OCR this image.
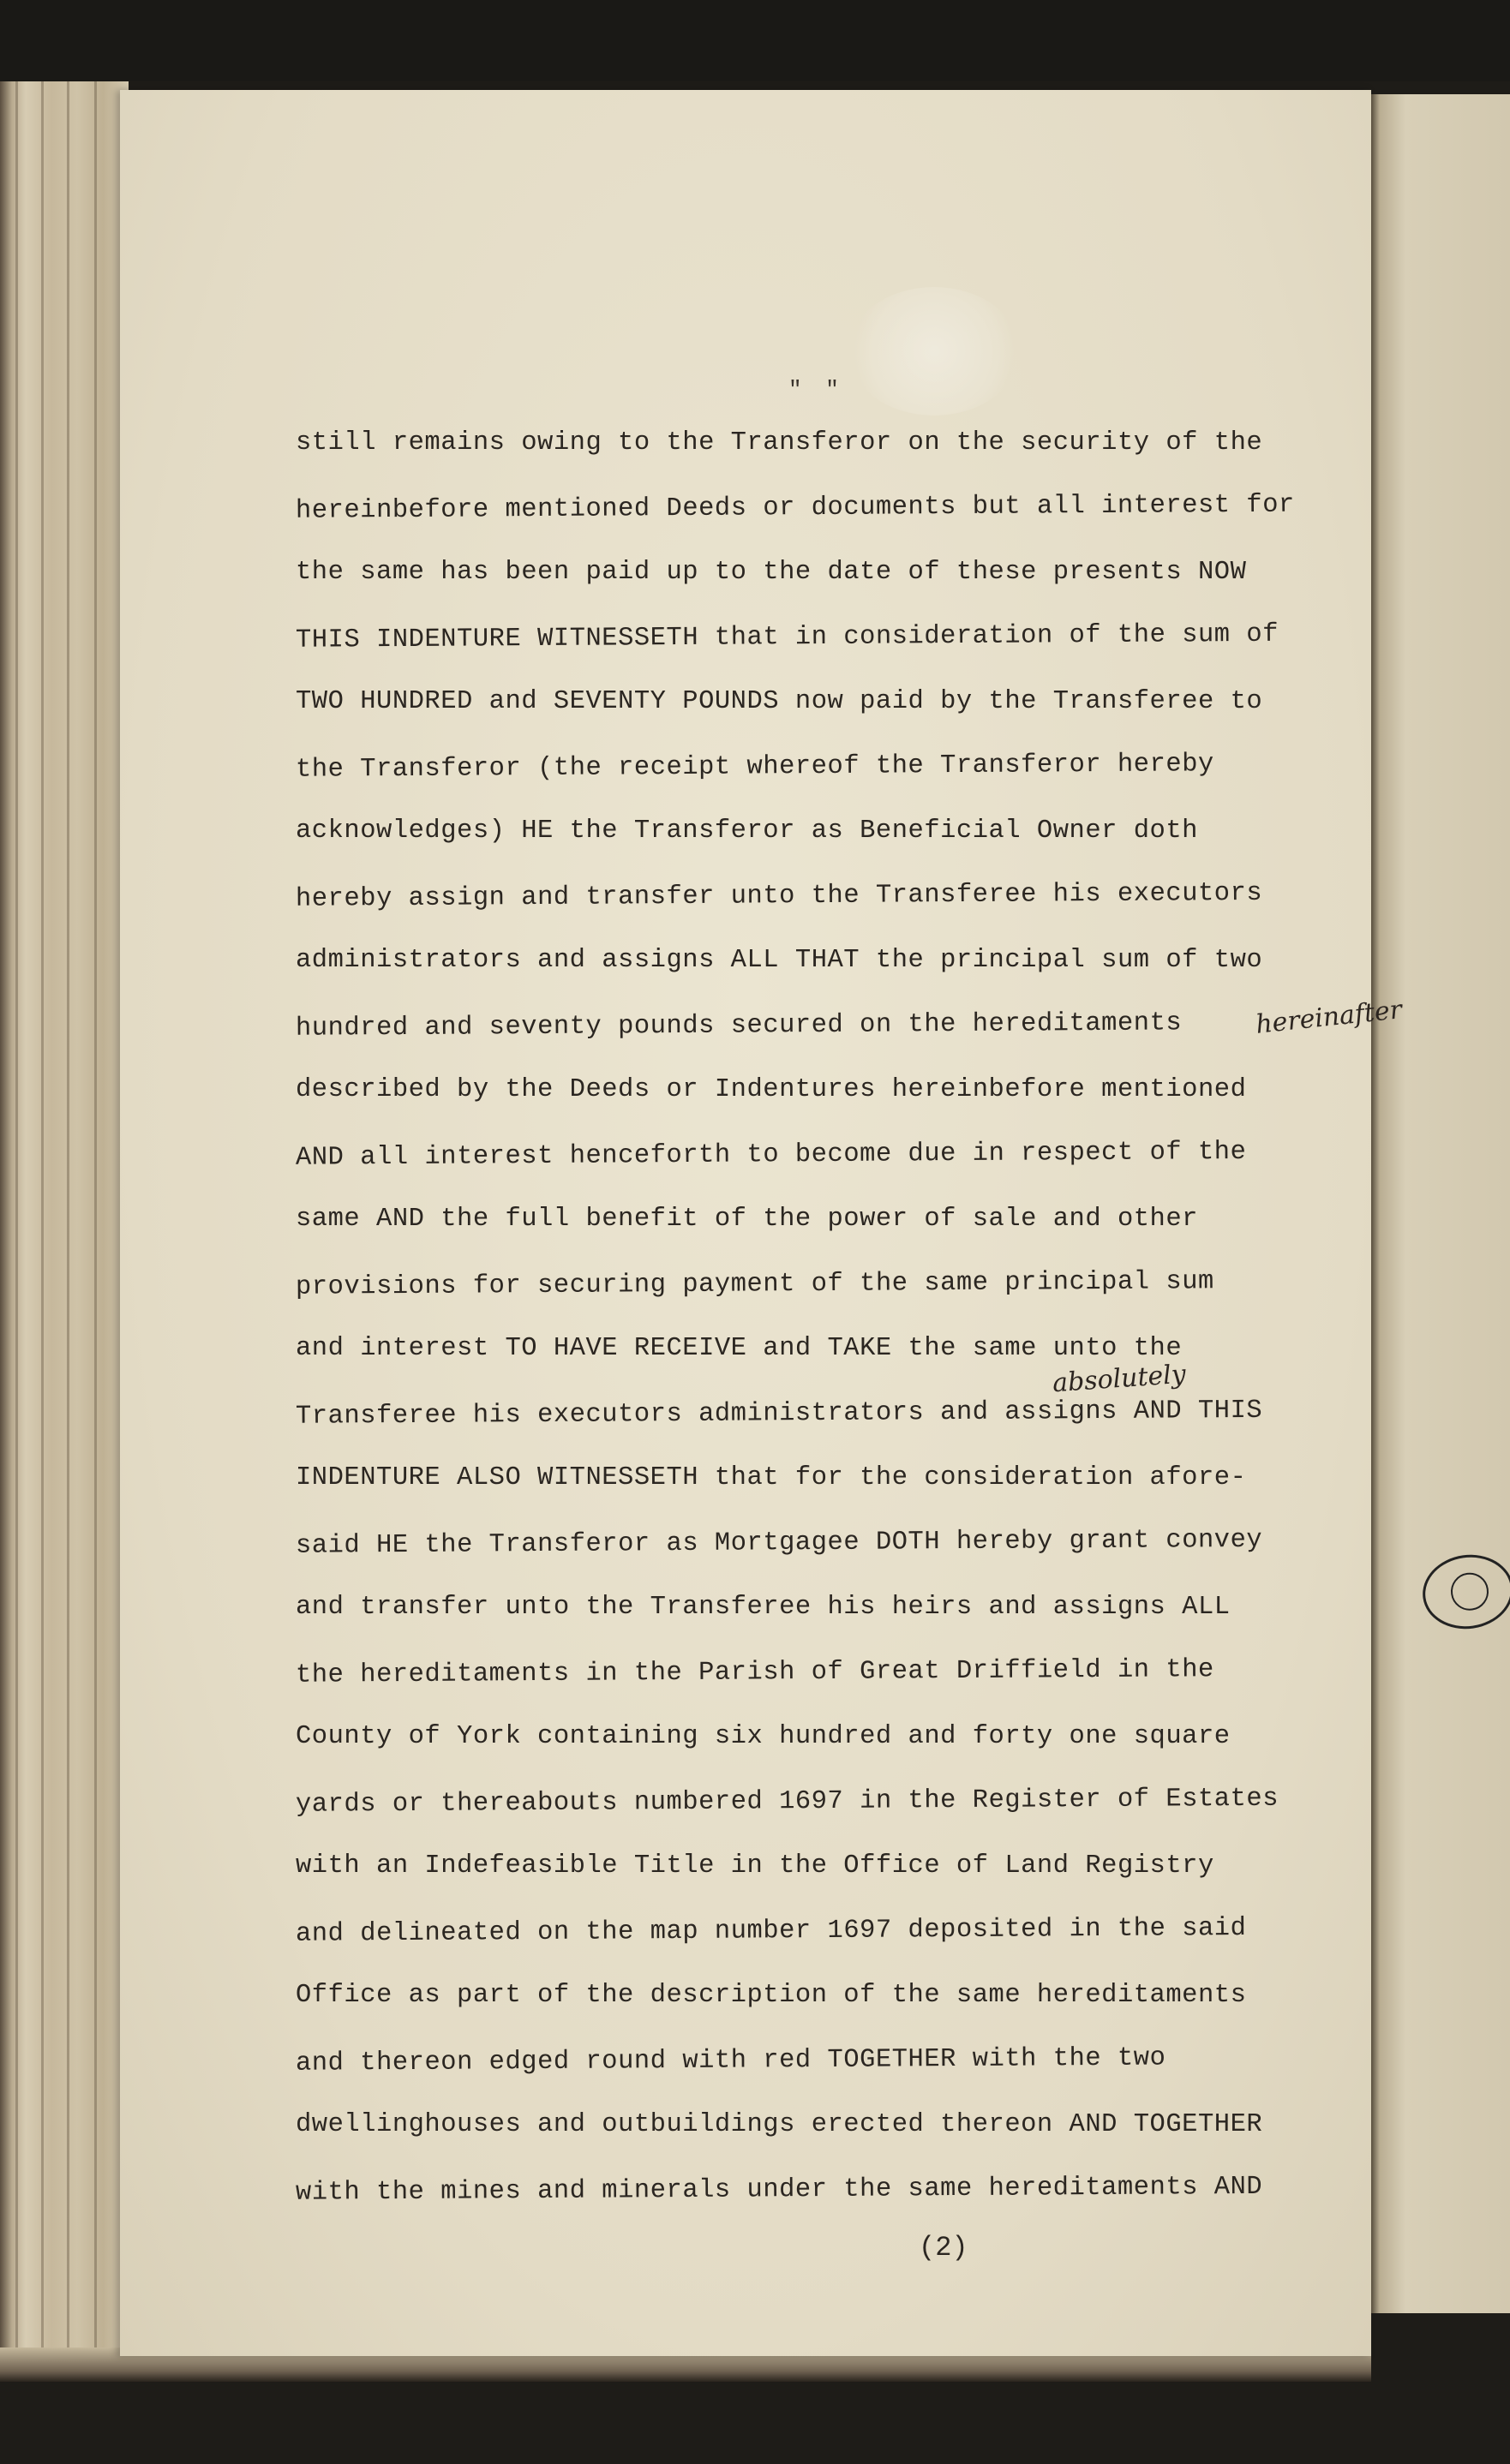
" "
still remains owing to the Transferor on the security of the
hereinbefore mentioned Deeds or documents but all interest for
the same has been paid up to the date of these presents NOW
THIS INDENTURE WITNESSETH that in consideration of the sum of
TWO HUNDRED and SEVENTY POUNDS now paid by the Transferee to
the Transferor (the receipt whereof the Transferor hereby
acknowledges) HE the Transferor as Beneficial Owner doth
hereby assign and transfer unto the Transferee his executors
administrators and assigns ALL THAT the principal sum of two
hundred and seventy pounds secured on the hereditaments
described by the Deeds or Indentures hereinbefore mentioned
AND all interest henceforth to become due in respect of the
same AND the full benefit of the power of sale and other
provisions for securing payment of the same principal sum
and interest TO HAVE RECEIVE and TAKE the same unto the
Transferee his executors administrators and assigns AND THIS
INDENTURE ALSO WITNESSETH that for the consideration afore-
said HE the Transferor as Mortgagee DOTH hereby grant convey
and transfer unto the Transferee his heirs and assigns ALL
the hereditaments in the Parish of Great Driffield in the
County of York containing six hundred and forty one square
yards or thereabouts numbered 1697 in the Register of Estates
with an Indefeasible Title in the Office of Land Registry
and delineated on the map number 1697 deposited in the said
Office as part of the description of the same hereditaments
and thereon edged round with red TOGETHER with the two
dwellinghouses and outbuildings erected thereon AND TOGETHER
with the mines and minerals under the same hereditaments AND
hereinafter
absolutely
(2)
